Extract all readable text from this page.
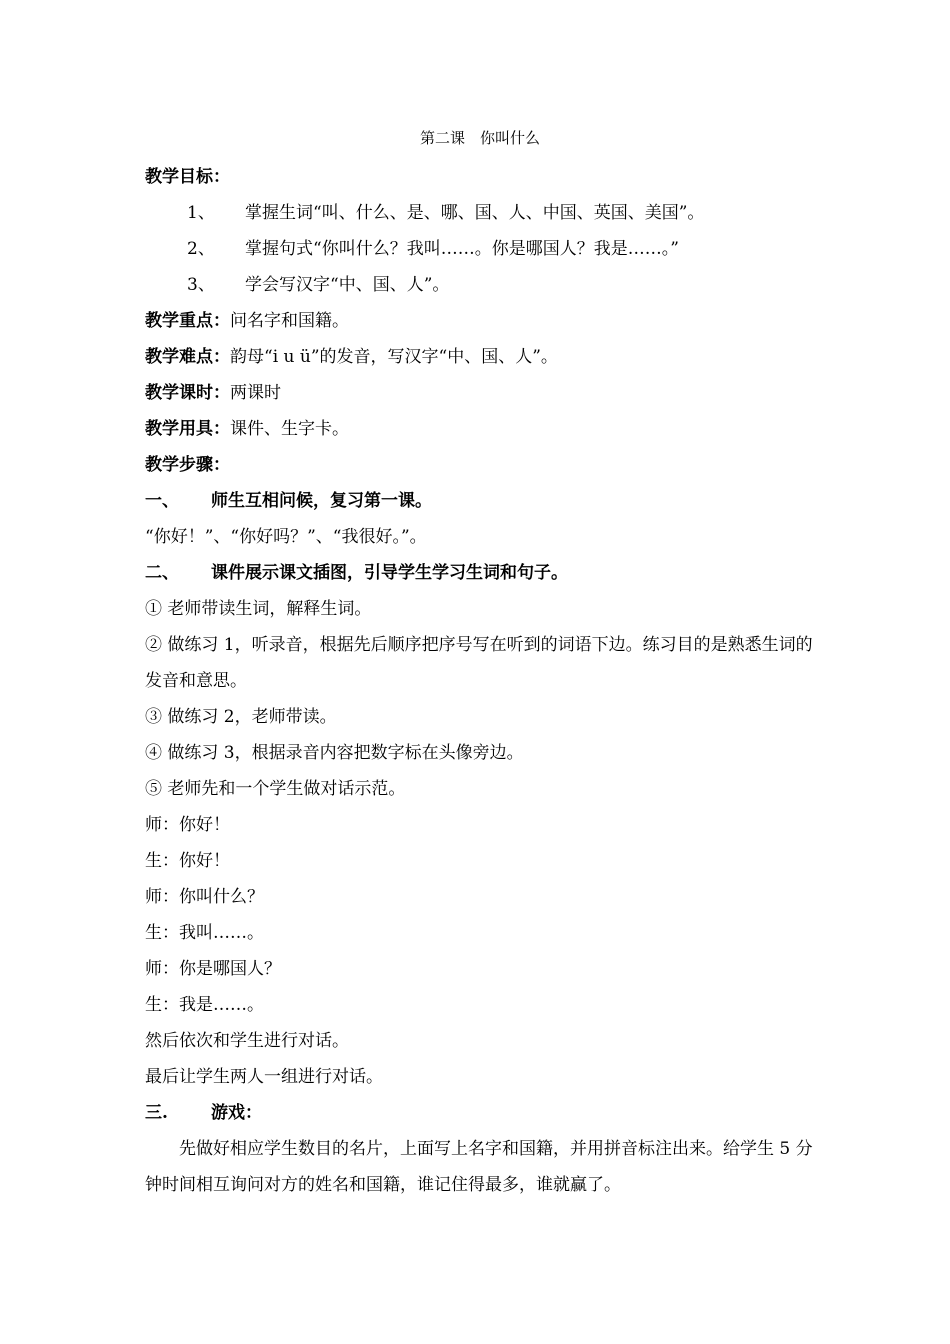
第二课　你叫什么
教学目标：
1、 掌握生词“叫、什么、是、哪、国、人、中国、英国、美国”。
2、 掌握句式“你叫什么？我叫……。你是哪国人？我是……。”
3、 学会写汉字“中、国、人”。
教学重点：问名字和国籍。
教学难点：韵母“i u ü”的发音，写汉字“中、国、人”。
教学课时：两课时
教学用具：课件、生字卡。
教学步骤：
一、 师生互相问候，复习第一课。
“你好！”、“你好吗？”、“我很好。”。
二、 课件展示课文插图，引导学生学习生词和句子。
① 老师带读生词，解释生词。
② 做练习 1，听录音，根据先后顺序把序号写在听到的词语下边。练习目的是熟悉生词的发音和意思。
③ 做练习 2，老师带读。
④ 做练习 3，根据录音内容把数字标在头像旁边。
⑤ 老师先和一个学生做对话示范。
师：你好！
生：你好！
师：你叫什么？
生：我叫……。
师：你是哪国人？
生：我是……。
然后依次和学生进行对话。
最后让学生两人一组进行对话。
三.	游戏：
先做好相应学生数目的名片，上面写上名字和国籍，并用拼音标注出来。给学生 5 分钟时间相互询问对方的姓名和国籍，谁记住得最多，谁就赢了。
